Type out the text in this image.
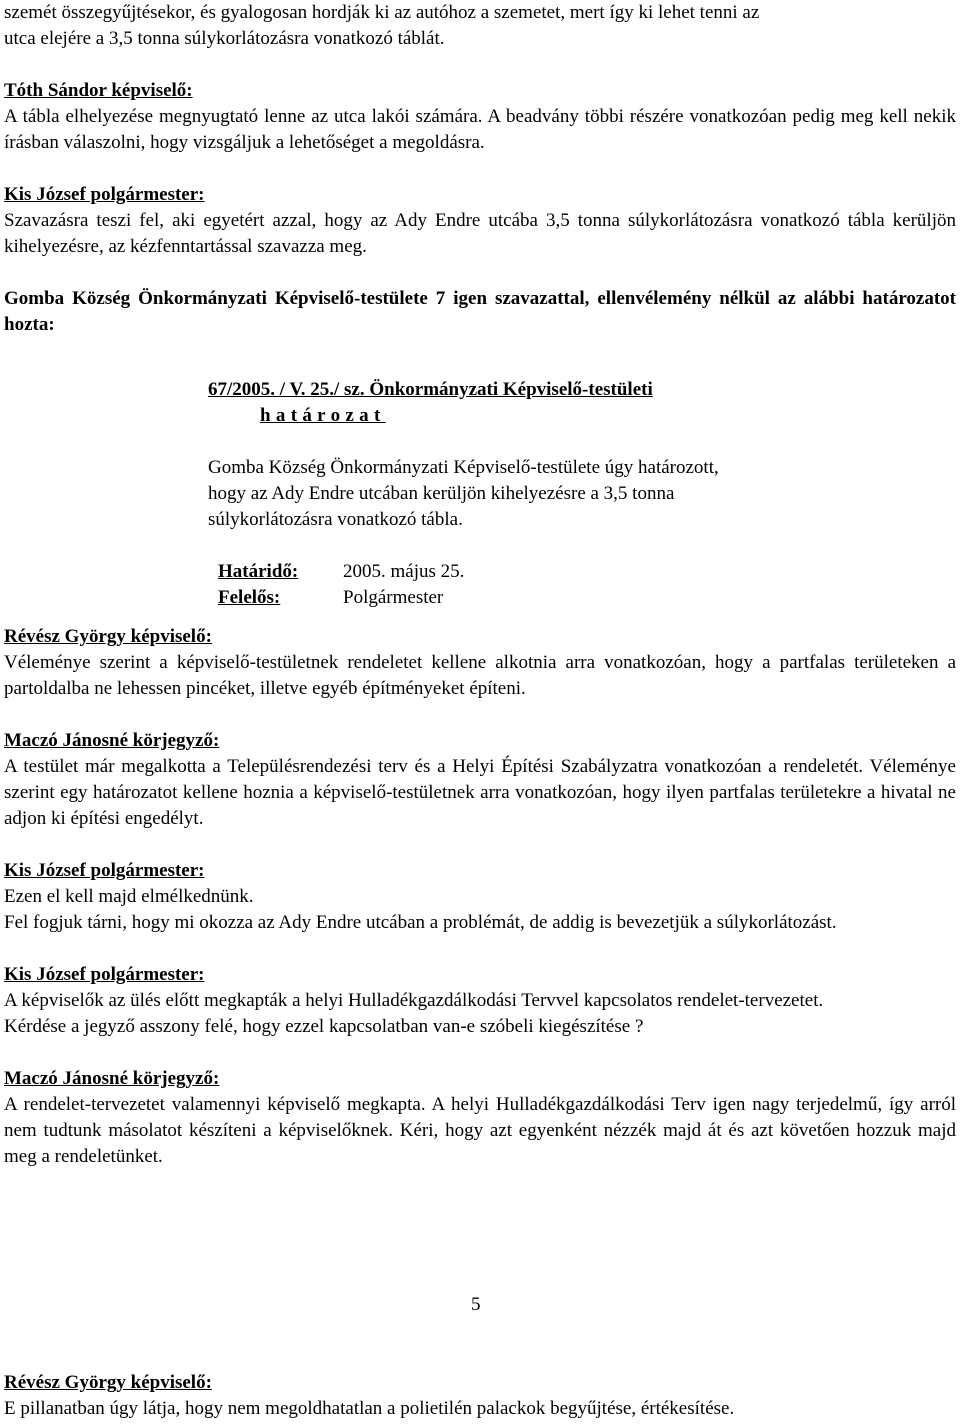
szemét összegyűjtésekor, és gyalogosan hordják ki az autóhoz a szemetet, mert így ki lehet tenni az
utca elejére a 3,5 tonna súlykorlátozásra vonatkozó táblát.

Tóth Sándor képviselő:

A tábla elhelyezése megnyugtató lenne az utca lakói számára. A beadvány többi részére vonatkozóan pedig meg kell nekik írásban válaszolni, hogy vizsgáljuk a lehetőséget a megoldásra.

Kis József polgármester:

Szavazásra teszi fel, aki egyetért azzal, hogy az Ady Endre utcába 3,5 tonna súlykorlátozásra vonatkozó tábla kerüljön kihelyezésre, az kézfenntartással szavazza meg.

Gomba Község Önkormányzati Képviselő-testülete 7 igen szavazattal, ellenvélemény nélkül az alábbi határozatot hozta:

67/2005. / V. 25./ sz. Önkormányzati Képviselő-testületi
határozat
Gomba Község Önkormányzati Képviselő-testülete úgy határozott, hogy az Ady Endre utcában kerüljön kihelyezésre a 3,5 tonna súlykorlátozásra vonatkozó tábla.
Határidő:	2005. május 25.
Felelős:	Polgármester
Révész György képviselő:

Véleménye szerint a képviselő-testületnek rendeletet kellene alkotnia arra vonatkozóan, hogy a partfalas területeken a partoldalba ne lehessen pincéket, illetve egyéb építményeket építeni.

Maczó Jánosné körjegyző:

A testület már megalkotta a Településrendezési terv és a Helyi Építési Szabályzatra vonatkozóan a rendeletét. Véleménye szerint egy határozatot kellene hoznia a képviselő-testületnek arra vonatkozóan, hogy ilyen partfalas területekre a hivatal ne adjon ki építési engedélyt.

Kis József polgármester:

Ezen el kell majd elmélkednünk.

Fel fogjuk tárni, hogy mi okozza az Ady Endre utcában a problémát, de addig is bevezetjük a súlykorlátozást.

Kis József polgármester:

A képviselők az ülés előtt megkapták a helyi Hulladékgazdálkodási Tervvel kapcsolatos rendelet-tervezetet.

Kérdése a jegyző asszony felé, hogy ezzel kapcsolatban van-e szóbeli kiegészítése ?

Maczó Jánosné körjegyző:

A rendelet-tervezetet valamennyi képviselő megkapta. A helyi Hulladékgazdálkodási Terv igen nagy terjedelmű, így arról nem tudtunk másolatot készíteni a képviselőknek. Kéri, hogy azt egyenként nézzék majd át és azt követően hozzuk majd meg a rendeletünket.

5
Révész György képviselő:

E pillanatban úgy látja, hogy nem megoldhatatlan a polietilén palackok begyűjtése, értékesítése.
